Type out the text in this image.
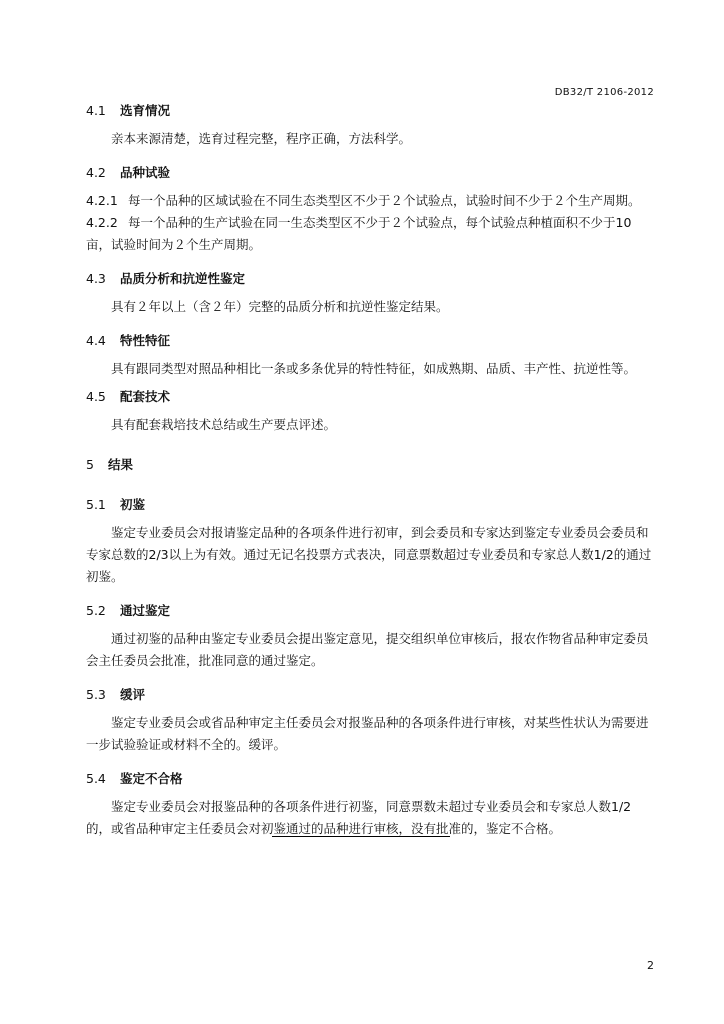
DB32/T 2106-2012
4.1 选育情况

亲本来源清楚，选育过程完整，程序正确，方法科学。

4.2 品种试验

4.2.1 每一个品种的区域试验在不同生态类型区不少于２个试验点，试验时间不少于２个生产周期。

4.2.2 每一个品种的生产试验在同一生态类型区不少于２个试验点，每个试验点种植面积不少于10亩，试验时间为２个生产周期。

4.3 品质分析和抗逆性鉴定

具有２年以上（含２年）完整的品质分析和抗逆性鉴定结果。

4.4 特性特征

具有跟同类型对照品种相比一条或多条优异的特性特征，如成熟期、品质、丰产性、抗逆性等。

4.5 配套技术

具有配套栽培技术总结或生产要点评述。

5 结果
5.1 初鉴

鉴定专业委员会对报请鉴定品种的各项条件进行初审，到会委员和专家达到鉴定专业委员会委员和专家总数的2/3以上为有效。通过无记名投票方式表决，同意票数超过专业委员和专家总人数1/2的通过初鉴。

5.2 通过鉴定

通过初鉴的品种由鉴定专业委员会提出鉴定意见，提交组织单位审核后，报农作物省品种审定委员会主任委员会批准，批准同意的通过鉴定。

5.3 缓评

鉴定专业委员会或省品种审定主任委员会对报鉴品种的各项条件进行审核，对某些性状认为需要进一步试验验证或材料不全的。缓评。

5.4 鉴定不合格

鉴定专业委员会对报鉴品种的各项条件进行初鉴，同意票数未超过专业委员会和专家总人数1/2的，或省品种审定主任委员会对初鉴通过的品种进行审核，没有批准的，鉴定不合格。

2
